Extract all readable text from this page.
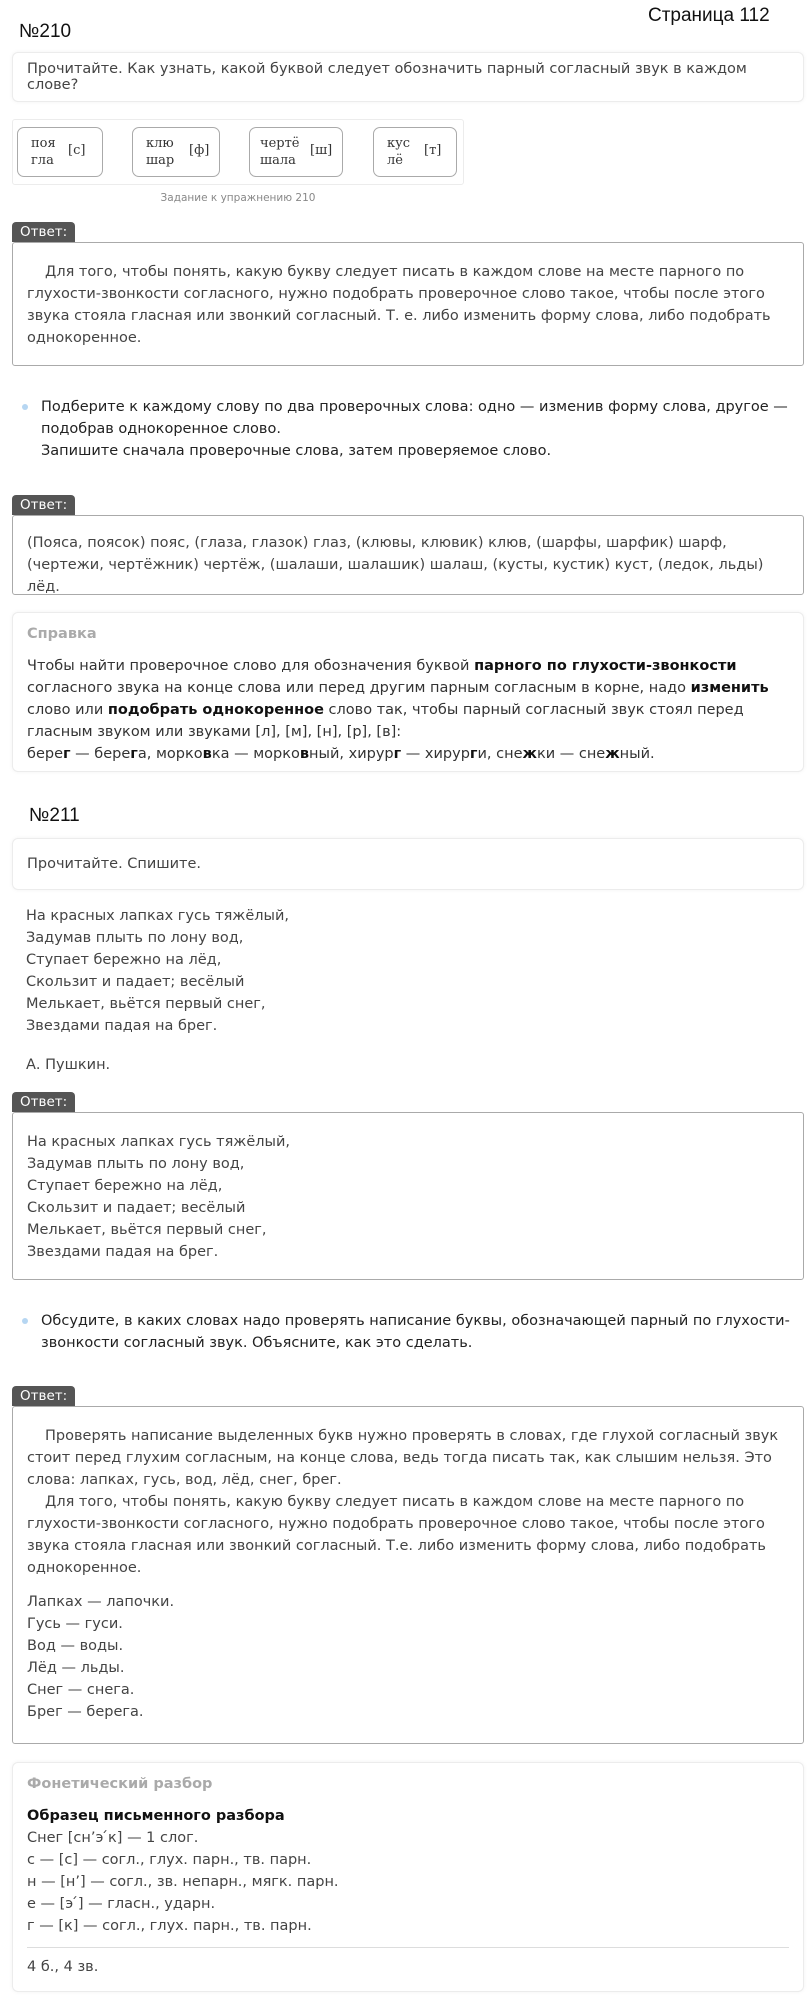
№210
Страница 112
Прочитайте. Как узнать, какой буквой следует обозначить парный согласный звук в каждом слове?
поя
гла
[с]	клю
шар
[ф]	чертё
шала
[ш]	кус
лё
[т]
Задание к упражнению 210
Ответ:

Для того, чтобы понять, какую букву следует писать в каждом слове на месте парного по глухости-звонкости согласного, нужно подобрать проверочное слово такое, чтобы после этого звука стояла гласная или звонкий согласный. Т. е. либо изменить форму слова, либо подобрать однокоренное.

Подберите к каждому слову по два проверочных слова: одно — изменив форму слова, другое — подобрав однокоренное слово.
Запишите сначала проверочные слова, затем проверяемое слово.
Ответ:

(Пояса, поясок) пояс, (глаза, глазок) глаз, (клювы, клювик) клюв, (шарфы, шарфик) шарф, (чертежи, чертёжник) чертёж, (шалаши, шалашик) шалаш, (кусты, кустик) куст, (ледок, льды) лёд.

Справка
Чтобы найти проверочное слово для обозначения буквой парного по глухости-звонкости согласного звука на конце слова или перед другим парным согласным в корне, надо изменить слово или подобрать однокоренное слово так, чтобы парный согласный звук стоял перед гласным звуком или звуками [л], [м], [н], [р], [в]:
берег — берега, морковка — морковный, хирург — хирурги, снежки — снежный.
№211
Прочитайте. Спишите.
На красных лапках гусь тяжёлый,
Задумав плыть по лону вод,
Ступает бережно на лёд,
Скользит и падает; весёлый
Мелькает, вьётся первый снег,
Звездами падая на брег.
А. Пушкин.
Ответ:

На красных лапках гусь тяжёлый,
Задумав плыть по лону вод,
Ступает бережно на лёд,
Скользит и падает; весёлый
Мелькает, вьётся первый снег,
Звездами падая на брег.

Обсудите, в каких словах надо проверять написание буквы, обозначающей парный по глухости-звонкости согласный звук. Объясните, как это сделать.
Ответ:

Проверять написание выделенных букв нужно проверять в словах, где глухой согласный звук стоит перед глухим согласным, на конце слова, ведь тогда писать так, как слышим нельзя. Это слова: лапках, гусь, вод, лёд, снег, брег.

Для того, чтобы понять, какую букву следует писать в каждом слове на месте парного по глухости-звонкости согласного, нужно подобрать проверочное слово такое, чтобы после этого звука стояла гласная или звонкий согласный. Т.е. либо изменить форму слова, либо подобрать однокоренное.

Лапках — лапочки.
Гусь — гуси.
Вод — воды.
Лёд — льды.
Снег — снега.
Брег — берега.

Фонетический разбор
Образец письменного разбора
Снег [сн’э ́к] — 1 слог.
с — [с] — согл., глух. парн., тв. парн.
н — [н’] — согл., зв. непарн., мягк. парн.
е — [э ́] — гласн., ударн.
г — [к] — согл., глух. парн., тв. парн.
4 б., 4 зв.
